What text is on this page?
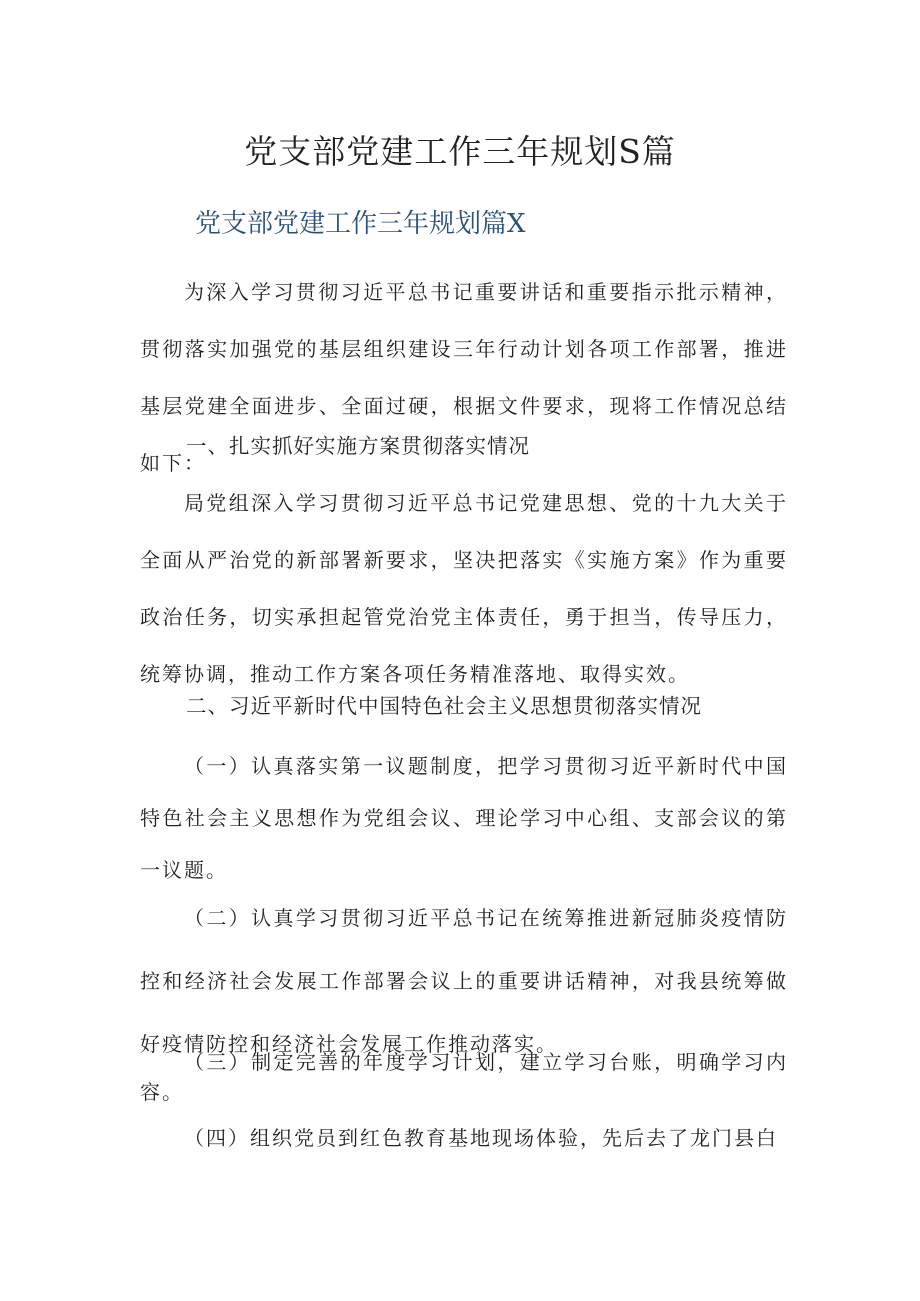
党支部党建工作三年规划S篇
党支部党建工作三年规划篇X

为深入学习贯彻习近平总书记重要讲话和重要指示批示精神，贯彻落实加强党的基层组织建设三年行动计划各项工作部署，推进基层党建全面进步、全面过硬，根据文件要求，现将工作情况总结如下：

一、扎实抓好实施方案贯彻落实情况

局党组深入学习贯彻习近平总书记党建思想、党的十九大关于全面从严治党的新部署新要求，坚决把落实《实施方案》作为重要政治任务，切实承担起管党治党主体责任，勇于担当，传导压力，统筹协调，推动工作方案各项任务精准落地、取得实效。

二、习近平新时代中国特色社会主义思想贯彻落实情况

（一）认真落实第一议题制度，把学习贯彻习近平新时代中国特色社会主义思想作为党组会议、理论学习中心组、支部会议的第一议题。

（二）认真学习贯彻习近平总书记在统筹推进新冠肺炎疫情防控和经济社会发展工作部署会议上的重要讲话精神，对我县统筹做好疫情防控和经济社会发展工作推动落实。

（三）制定完善的年度学习计划，建立学习台账，明确学习内容。

（四）组织党员到红色教育基地现场体验，先后去了龙门县白
